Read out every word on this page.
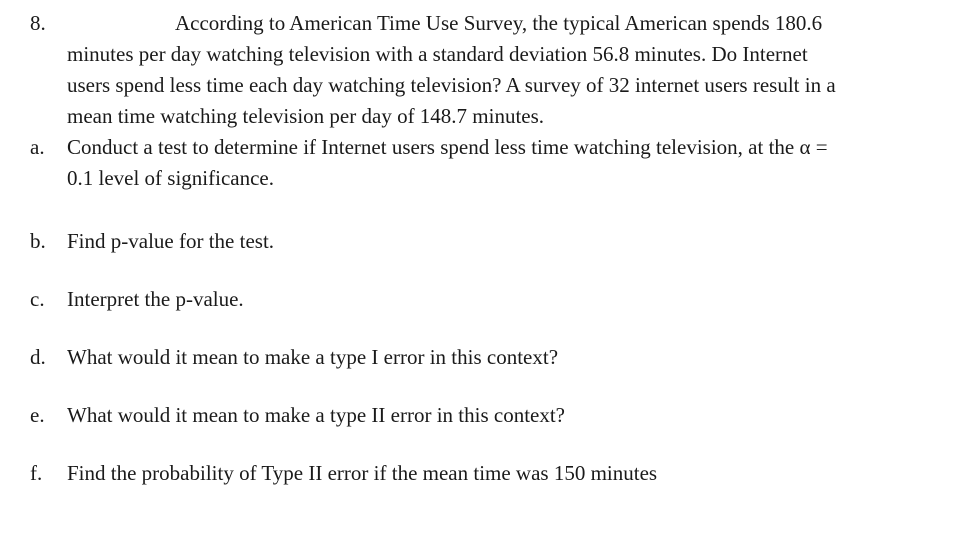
8.	According to American Time Use Survey, the typical American spends 180.6
minutes per day watching television with a standard deviation 56.8 minutes. Do Internet
users spend less time each day watching television? A survey of 32 internet users result in a
mean time watching television per day of 148.7 minutes.
a. Conduct a test to determine if Internet users spend less time watching television, at the α =
0.1 level of significance.
b. Find p-value for the test.
c. Interpret the p-value.
d. What would it mean to make a type I error in this context?
e. What would it mean to make a type II error in this context?
f. Find the probability of Type II error if the mean time was 150 minutes
